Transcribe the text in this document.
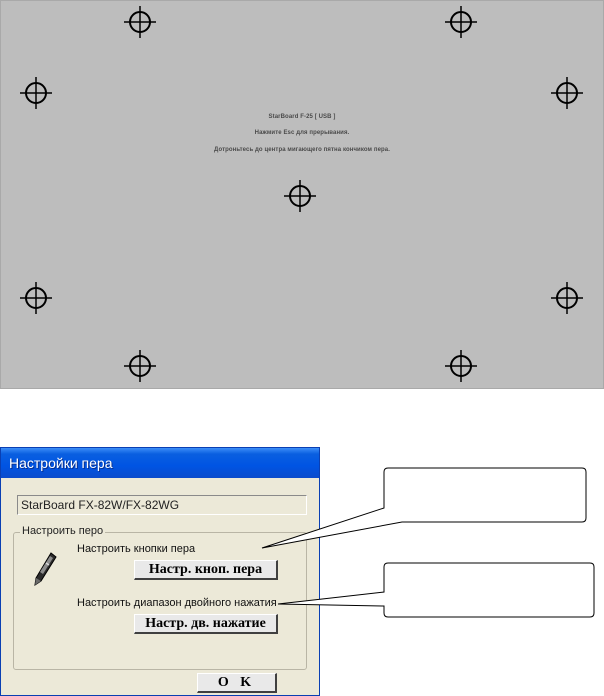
StarBoard F-25 [ USB ]
Нажмите Esc для прерывания.
Дотроньтесь до центра мигающего пятна кончиком пера.
Настройки пера
StarBoard FX-82W/FX-82WG
Настроить перо
Настроить кнопки пера
Настр. кноп. пера
Настроить диапазон двойного нажатия
Настр. дв. нажатие
O K
